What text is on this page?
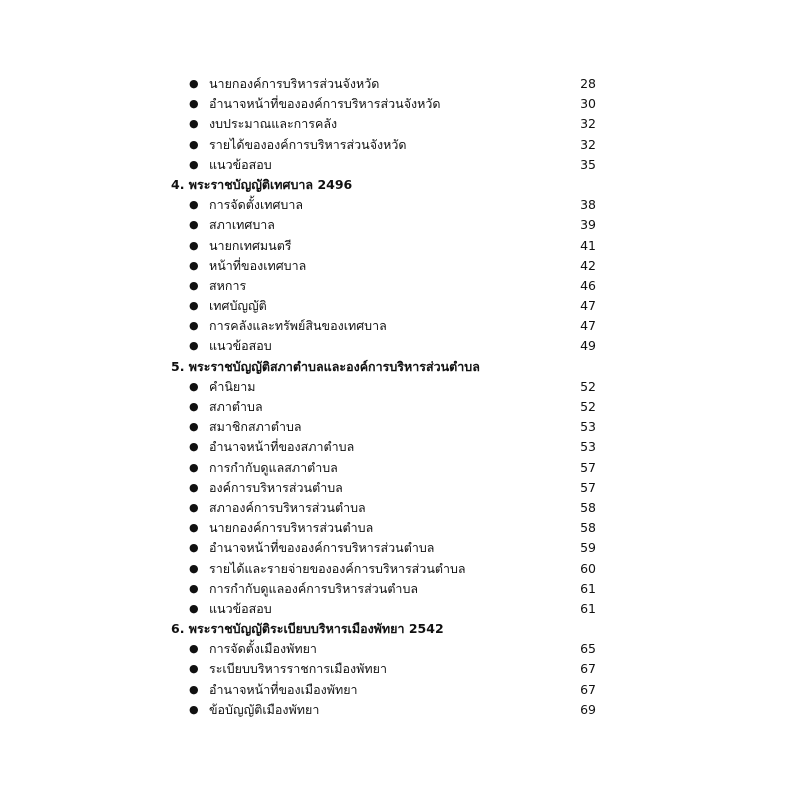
● นายกองค์การบริหารส่วนจังหวัด	28
● อำนาจหน้าที่ขององค์การบริหารส่วนจังหวัด	30
● งบประมาณและการคลัง	32
● รายได้ขององค์การบริหารส่วนจังหวัด	32
● แนวข้อสอบ	35
4. พระราชบัญญัติเทศบาล 2496
● การจัดตั้งเทศบาล	38
● สภาเทศบาล	39
● นายกเทศมนตรี	41
● หน้าที่ของเทศบาล	42
● สหการ	46
● เทศบัญญัติ	47
● การคลังและทรัพย์สินของเทศบาล	47
● แนวข้อสอบ	49
5. พระราชบัญญัติสภาตำบลและองค์การบริหารส่วนตำบล
● คำนิยาม	52
● สภาตำบล	52
● สมาชิกสภาตำบล	53
● อำนาจหน้าที่ของสภาตำบล	53
● การกำกับดูแลสภาตำบล	57
● องค์การบริหารส่วนตำบล	57
● สภาองค์การบริหารส่วนตำบล	58
● นายกองค์การบริหารส่วนตำบล	58
● อำนาจหน้าที่ขององค์การบริหารส่วนตำบล	59
● รายได้และรายจ่ายขององค์การบริหารส่วนตำบล	60
● การกำกับดูแลองค์การบริหารส่วนตำบล	61
● แนวข้อสอบ	61
6. พระราชบัญญัติระเบียบบริหารเมืองพัทยา 2542
● การจัดตั้งเมืองพัทยา	65
● ระเบียบบริหารราชการเมืองพัทยา	67
● อำนาจหน้าที่ของเมืองพัทยา	67
● ข้อบัญญัติเมืองพัทยา	69
